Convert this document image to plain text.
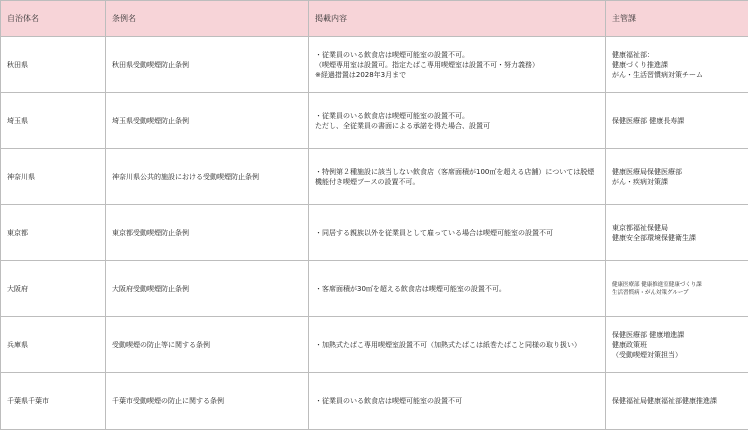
自治体名	条例名	掲載内容	主管課
秋田県	秋田県受動喫煙防止条例	・従業員のいる飲食店は喫煙可能室の設置不可。
（喫煙専用室は設置可。指定たばこ専用喫煙室は設置不可・努力義務）
※経過措置は2028年3月まで	健康福祉部：
健康づくり推進課
がん・生活習慣病対策チーム
埼玉県	埼玉県受動喫煙防止条例	・従業員のいる飲食店は喫煙可能室の設置不可。
ただし、全従業員の書面による承諾を得た場合、設置可	保健医療部 健康長寿課
神奈川県	神奈川県公共的施設における受動喫煙防止条例	・特例第２種施設に該当しない飲食店（客席面積が100㎡を超える店舗）については脱煙機能付き喫煙ブースの設置不可。	健康医療局保健医療部
がん・疾病対策課
東京都	東京都受動喫煙防止条例	・同居する親族以外を従業員として雇っている場合は喫煙可能室の設置不可	東京都福祉保健局
健康安全部環境保健衛生課
大阪府	大阪府受動喫煙防止条例	・客席面積が30㎡を超える飲食店は喫煙可能室の設置不可。	健康医療部 健康推進室健康づくり課
生活習慣病・がん対策グループ
兵庫県	受動喫煙の防止等に関する条例	・加熱式たばこ専用喫煙室設置不可（加熱式たばこは紙巻たばこと同様の取り扱い）	保健医療部 健康増進課
健康政策班
（受動喫煙対策担当）
千葉県千葉市	千葉市受動喫煙の防止に関する条例	・従業員のいる飲食店は喫煙可能室の設置不可	保健福祉局健康福祉部健康推進課
